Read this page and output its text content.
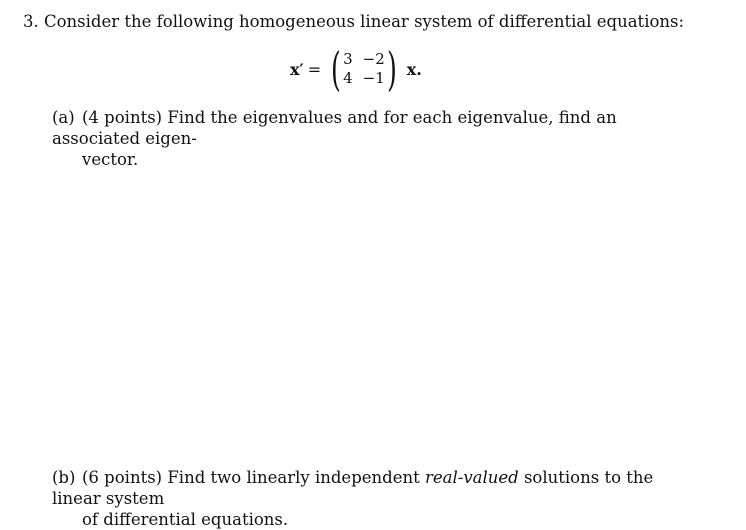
3. Consider the following homogeneous linear system of differential equations:
x′ = ( 3 −2
4 −1 ) x.
(a) (4 points) Find the eigenvalues and for each eigenvalue, find an associated eigen-
vector.
(b) (6 points) Find two linearly independent real-valued solutions to the linear system
of differential equations.
